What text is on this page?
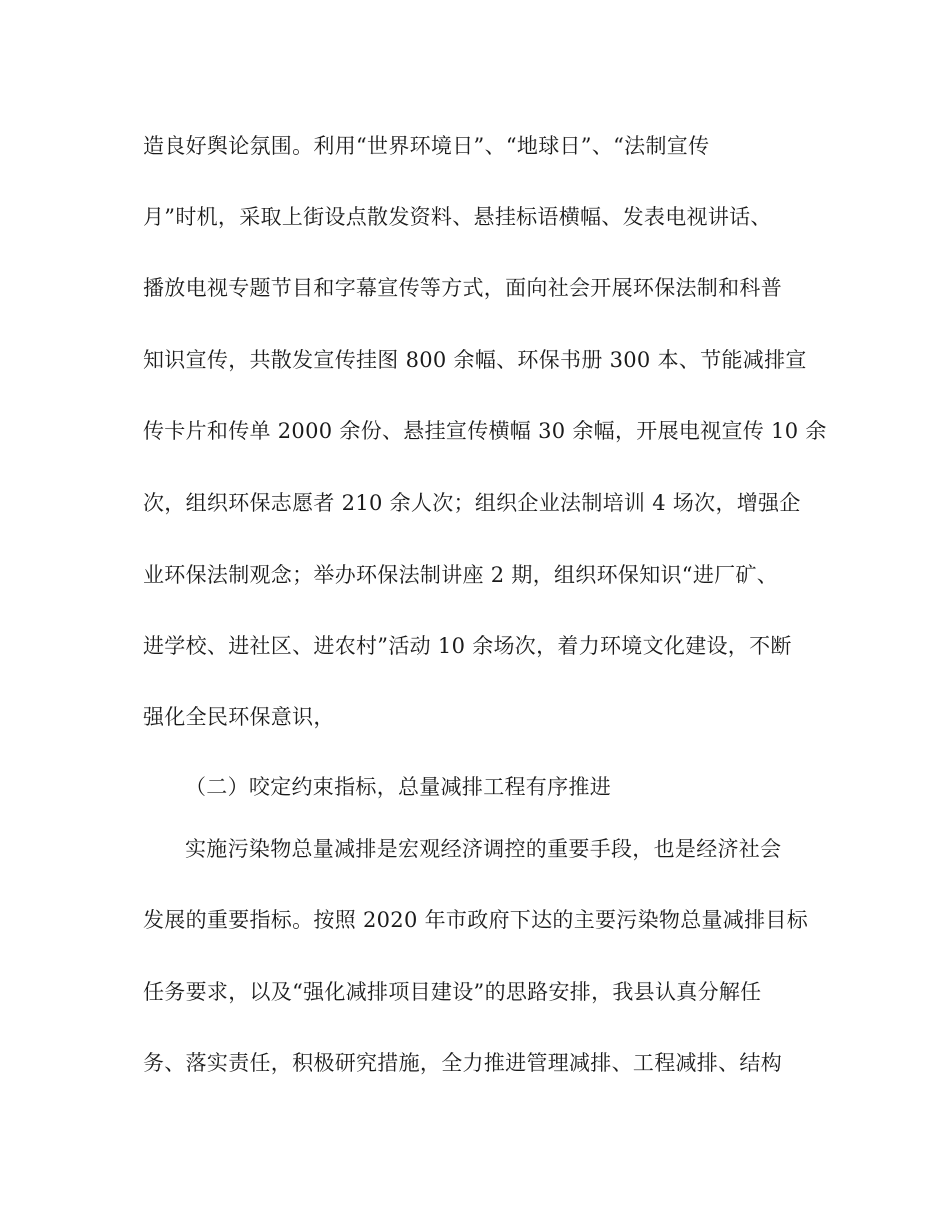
造良好舆论氛围。利用“世界环境日”、“地球日”、“法制宣传
月”时机，采取上街设点散发资料、悬挂标语横幅、发表电视讲话、
播放电视专题节目和字幕宣传等方式，面向社会开展环保法制和科普
知识宣传，共散发宣传挂图 800 余幅、环保书册 300 本、节能减排宣
传卡片和传单 2000 余份、悬挂宣传横幅 30 余幅，开展电视宣传 10 余
次，组织环保志愿者 210 余人次；组织企业法制培训 4 场次，增强企
业环保法制观念；举办环保法制讲座 2 期，组织环保知识“进厂矿、
进学校、进社区、进农村”活动 10 余场次，着力环境文化建设，不断
强化全民环保意识，
（二）咬定约束指标，总量减排工程有序推进
实施污染物总量减排是宏观经济调控的重要手段，也是经济社会
发展的重要指标。按照 2020 年市政府下达的主要污染物总量减排目标
任务要求，以及“强化减排项目建设”的思路安排，我县认真分解任
务、落实责任，积极研究措施，全力推进管理减排、工程减排、结构
